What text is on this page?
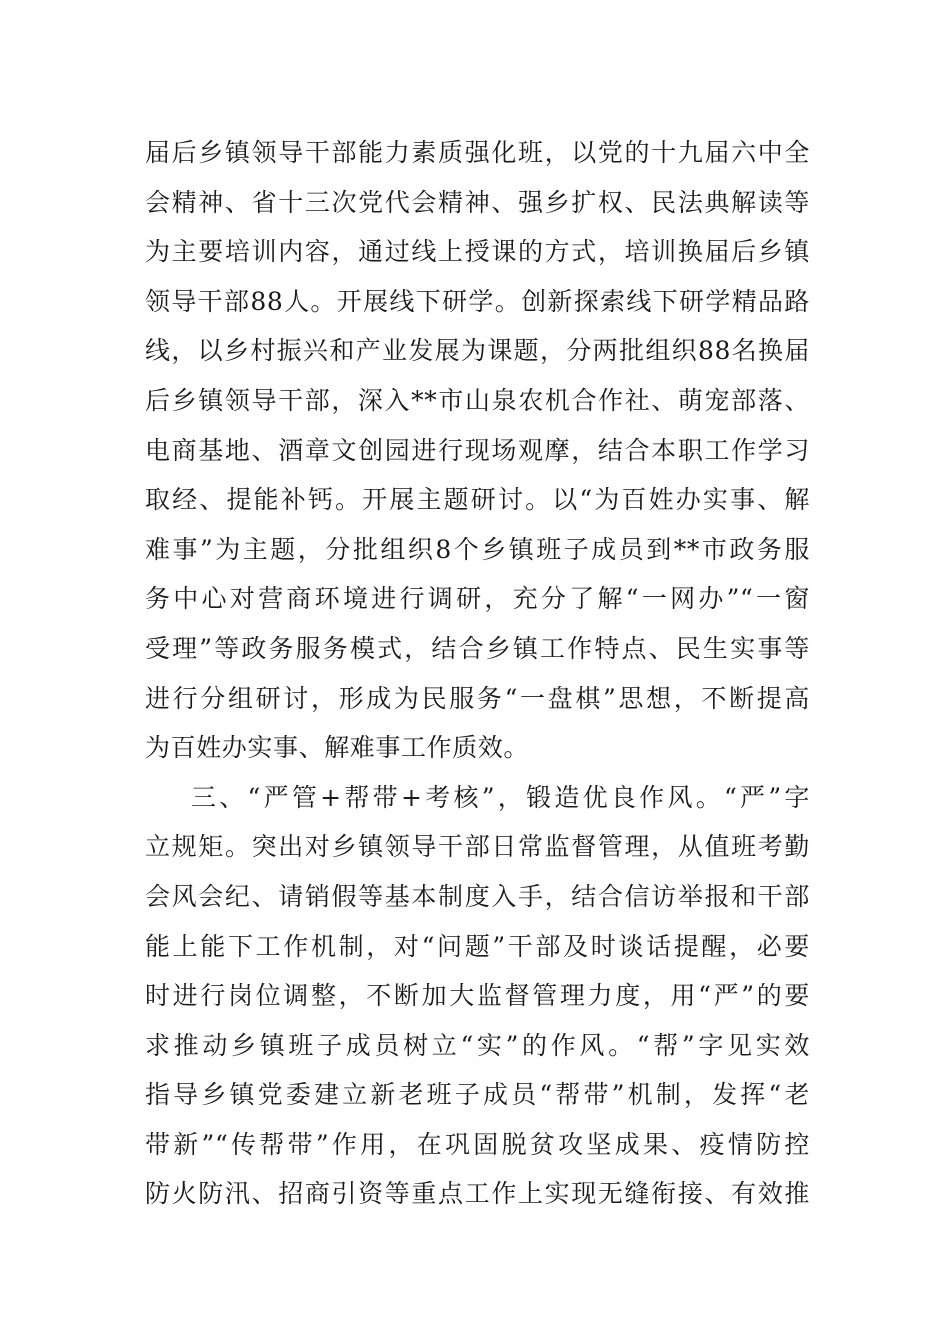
届后乡镇领导干部能力素质强化班，以党的十九届六中全
会精神、省十三次党代会精神、强乡扩权、民法典解读等
为主要培训内容，通过线上授课的方式，培训换届后乡镇
领导干部88人。开展线下研学。创新探索线下研学精品路
线，以乡村振兴和产业发展为课题，分两批组织88名换届
后乡镇领导干部，深入**市山泉农机合作社、萌宠部落、
电商基地、酒章文创园进行现场观摩，结合本职工作学习
取经、提能补钙。开展主题研讨。以“为百姓办实事、解
难事”为主题，分批组织8个乡镇班子成员到**市政务服
务中心对营商环境进行调研，充分了解“一网办”“一窗
受理”等政务服务模式，结合乡镇工作特点、民生实事等
进行分组研讨，形成为民服务“一盘棋”思想，不断提高
为百姓办实事、解难事工作质效。
三、“严管+帮带+考核”，锻造优良作风。“严”字
立规矩。突出对乡镇领导干部日常监督管理，从值班考勤
会风会纪、请销假等基本制度入手，结合信访举报和干部
能上能下工作机制，对“问题”干部及时谈话提醒，必要
时进行岗位调整，不断加大监督管理力度，用“严”的要
求推动乡镇班子成员树立“实”的作风。“帮”字见实效
指导乡镇党委建立新老班子成员“帮带”机制，发挥“老
带新”“传帮带”作用，在巩固脱贫攻坚成果、疫情防控
防火防汛、招商引资等重点工作上实现无缝衔接、有效推
